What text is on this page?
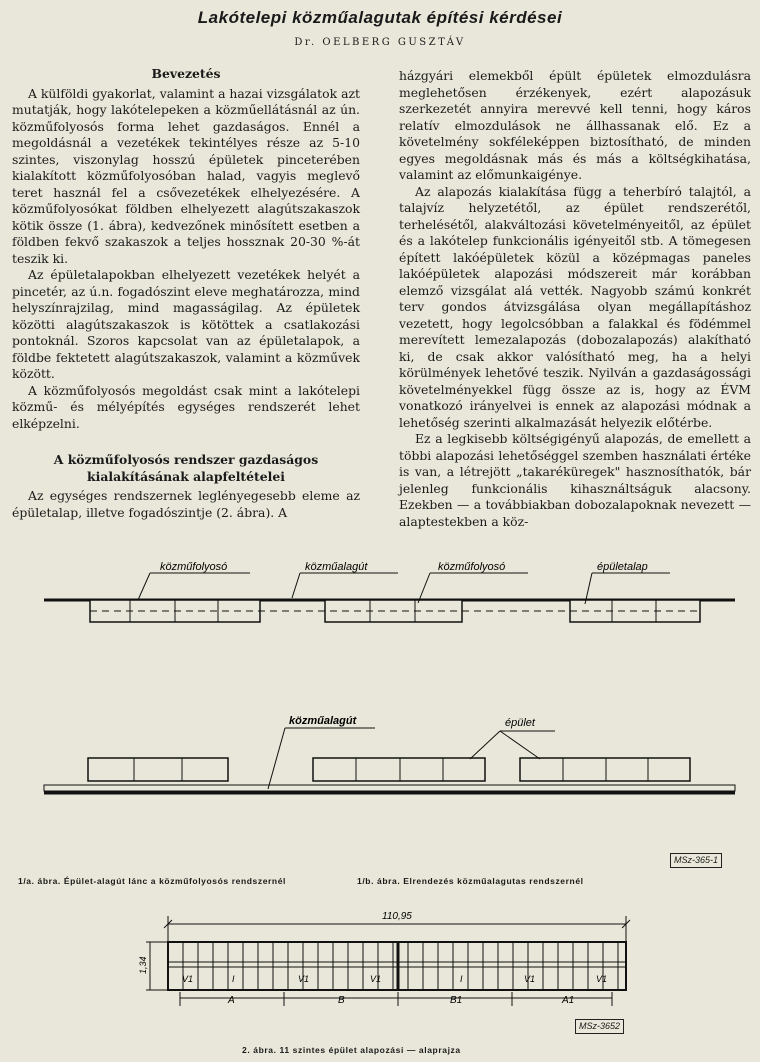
Lakótelepi közműalagutak építési kérdései
Dr. OELBERG GUSZTÁV
Bevezetés

A külföldi gyakorlat, valamint a hazai vizsgálatok azt mutatják, hogy lakótelepeken a közműellátásnál az ún. közműfolyosós forma lehet gazdaságos. Ennél a megoldásnál a vezetékek tekintélyes része az 5-10 szintes, viszonylag hosszú épületek pinceterében kialakított közműfolyosóban halad, vagyis meglevő teret használ fel a csővezetékek elhelyezésére. A közműfolyosókat földben elhelyezett alagútszakaszok kötik össze (1. ábra), kedvezőnek minősített esetben a földben fekvő szakaszok a teljes hossznak 20-30 %-át teszik ki.

Az épületalapokban elhelyezett vezetékek helyét a pincetér, az ú.n. fogadószint eleve meghatározza, mind helyszínrajzilag, mind magasságilag. Az épületek közötti alagútszakaszok is kötöttek a csatlakozási pontoknál. Szoros kapcsolat van az épületalapok, a földbe fektetett alagútszakaszok, valamint a közművek között.

A közműfolyosós megoldást csak mint a lakótelepi közmű- és mélyépítés egységes rendszerét lehet elképzelni.

A közműfolyosós rendszer gazdaságos kialakításának alapfeltételei

Az egységes rendszernek leglényegesebb eleme az épületalap, illetve fogadószintje (2. ábra). A

házgyári elemekből épült épületek elmozdulásra meglehetősen érzékenyek, ezért alapozásuk szerkezetét annyira merevvé kell tenni, hogy káros relatív elmozdulások ne állhassanak elő. Ez a követelmény sokféleképpen biztosítható, de minden egyes megoldásnak más és más a költségkihatása, valamint az előmunkaigénye.

Az alapozás kialakítása függ a teherbíró talajtól, a talajvíz helyzetétől, az épület rendszerétől, terhelésétől, alakváltozási követelményeitől, az épület és a lakótelep funkcionális igényeitől stb. A tömegesen épített lakóépületek közül a középmagas paneles lakóépületek alapozási módszereit már korábban elemző vizsgálat alá vették. Nagyobb számú konkrét terv gondos átvizsgálása olyan megállapításhoz vezetett, hogy legolcsóbban a falakkal és födémmel merevített lemezalapozás (dobozalapozás) alakítható ki, de csak akkor valósítható meg, ha a helyi körülmények lehetővé teszik. Nyilván a gazdaságossági követelményekkel függ össze az is, hogy az ÉVM vonatkozó irányelvei is ennek az alapozási módnak a lehetőség szerinti alkalmazását helyezik előtérbe.

Ez a legkisebb költségigényű alapozás, de emellett a többi alapozási lehetőséggel szemben használati értéke is van, a létrejött „takaréküregek" hasznosíthatók, bár jelenleg funkcionális kihasználtságuk alacsony. Ezekben — a továbbiakban dobozalapoknak nevezett — alaptestekben a köz-

közműfolyosó	közműalagút	közműfolyosó	épületalap
közműalagút	épület
MSz-365-1
1/a. ábra. Épület-alagút lánc a közműfolyosós rendszernél	1/b. ábra. Elrendezés közműalagutas rendszernél
110,95
1,34
V1	I	V1	V1	I	V1	V1
A	B	B1	A1
MSz-3652
2. ábra. 11 szintes épület alapozási — alaprajza
